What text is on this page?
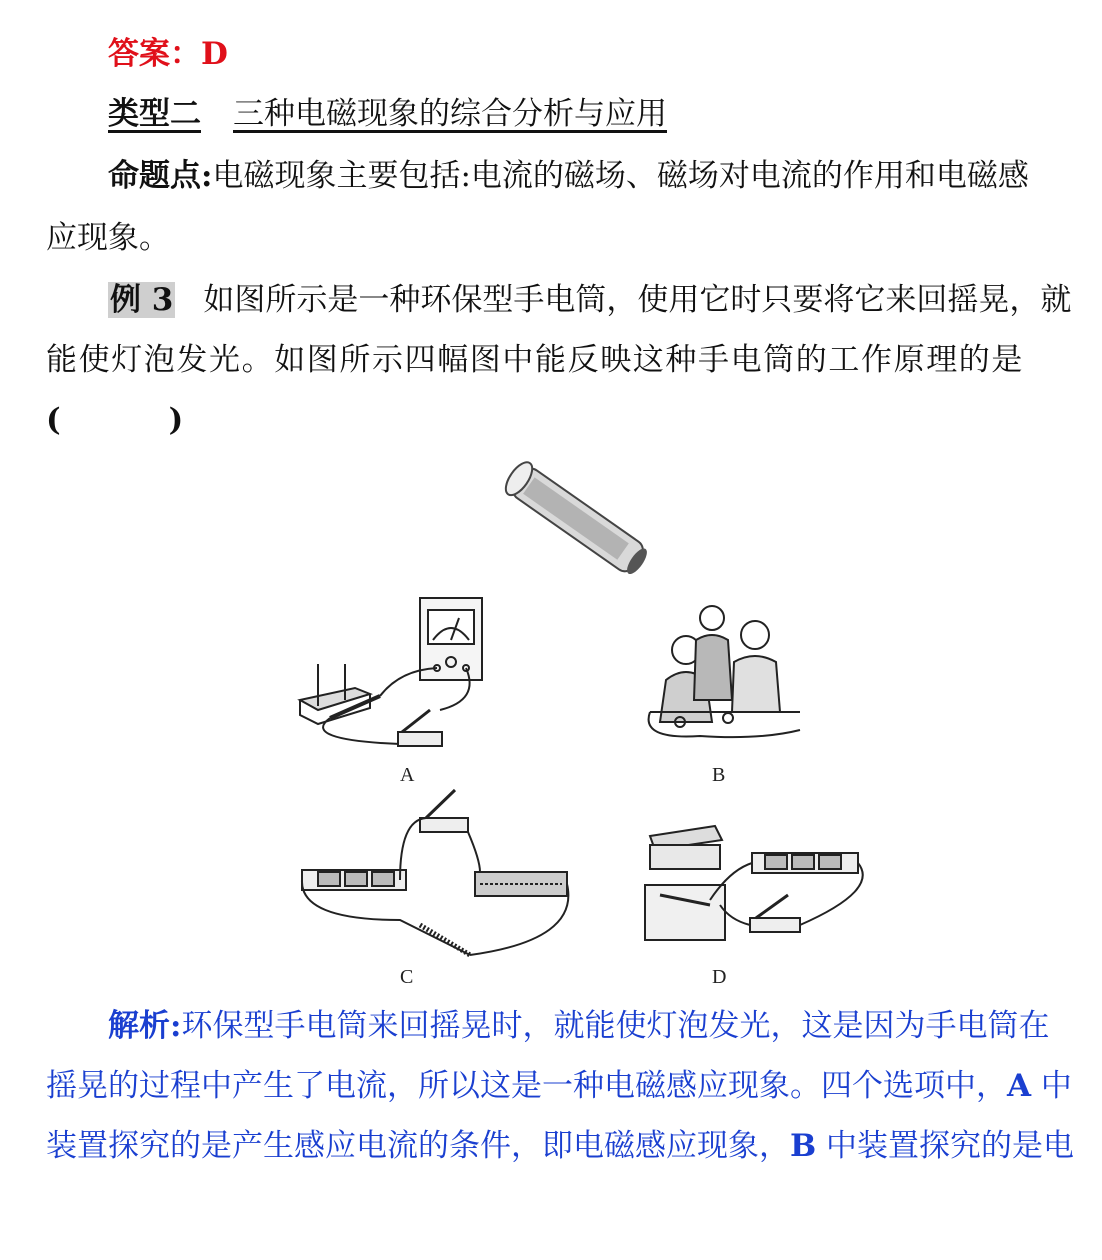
答案：D
类型二 三种电磁现象的综合分析与应用
命题点:电磁现象主要包括:电流的磁场、磁场对电流的作用和电磁感
应现象。
例 3 如图所示是一种环保型手电筒，使用它时只要将它来回摇晃，就
能使灯泡发光。如图所示四幅图中能反映这种手电筒的工作原理的是
(          )
A	B
C	D
解析:环保型手电筒来回摇晃时，就能使灯泡发光，这是因为手电筒在
摇晃的过程中产生了电流，所以这是一种电磁感应现象。四个选项中，A 中
装置探究的是产生感应电流的条件，即电磁感应现象，B 中装置探究的是电
